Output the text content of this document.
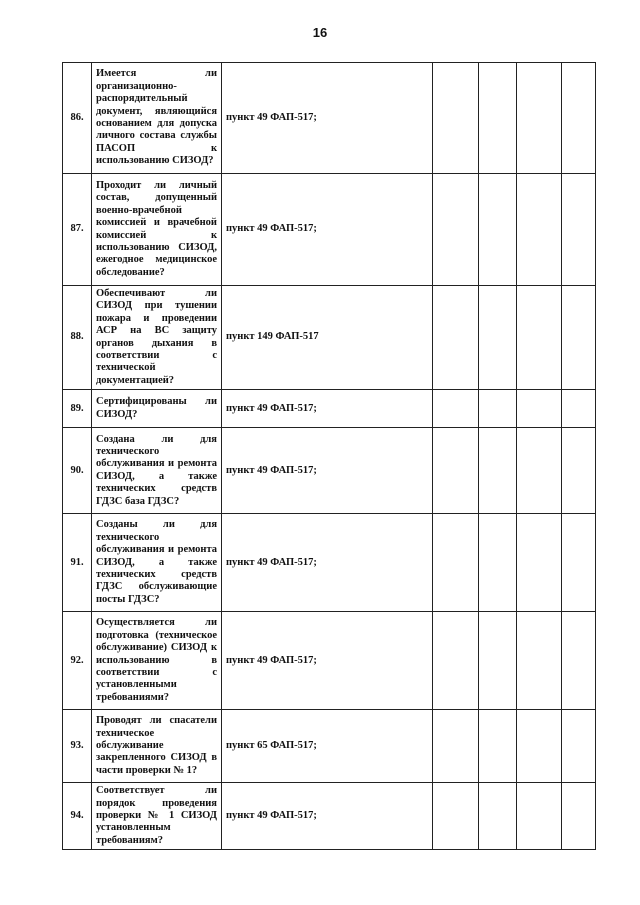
16
86.	Имеется ли организационно-распорядительный документ, являющийся основанием для допуска личного состава службы ПАСОП к использованию СИЗОД?	пункт 49 ФАП-517;				
87.	Проходит ли личный состав, допущенный военно-врачебной комиссией и врачебной комиссией к использованию СИЗОД, ежегодное медицинское обследование?	пункт 49 ФАП-517;				
88.	Обеспечивают ли СИЗОД при тушении пожара и проведении АСР на ВС защиту органов дыхания в соответствии с технической документацией?	пункт 149 ФАП-517				
89.	Сертифицированы ли СИЗОД?	пункт 49 ФАП-517;				
90.	Создана ли для технического обслуживания и ремонта СИЗОД, а также технических средств ГДЗС база ГДЗС?	пункт 49 ФАП-517;				
91.	Созданы ли для технического обслуживания и ремонта СИЗОД, а также технических средств ГДЗС обслуживающие посты ГДЗС?	пункт 49 ФАП-517;				
92.	Осуществляется ли подготовка (техническое обслуживание) СИЗОД к использованию в соответствии с установленными требованиями?	пункт 49 ФАП-517;				
93.	Проводят ли спасатели техническое обслуживание закрепленного СИЗОД в части проверки № 1?	пункт 65 ФАП-517;				
94.	Соответствует ли порядок проведения проверки № 1 СИЗОД установленным требованиям?	пункт 49 ФАП-517;				
